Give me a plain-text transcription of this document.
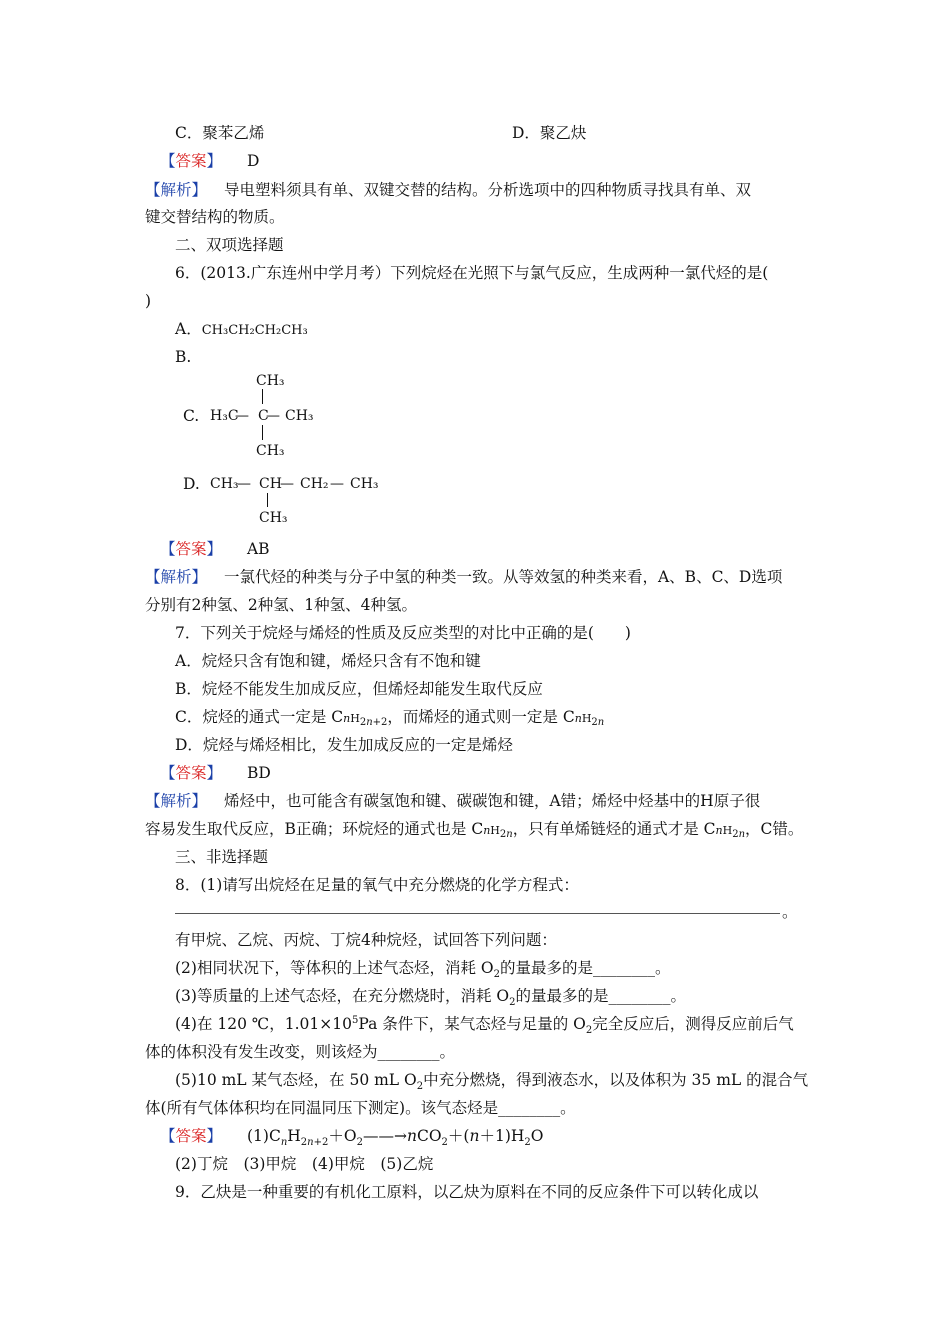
C．聚苯乙烯	D．聚乙炔
【答案】 D
【解析】 导电塑料须具有单、双键交替的结构。分析选项中的四种物质寻找具有单、双
键交替结构的物质。
二、双项选择题
6．(2013.广东连州中学月考）下列烷烃在光照下与氯气反应，生成两种一氯代烃的是(
)
A．CH₃CH₂CH₂CH₃
B.
C.
CH₃
H₃C
— C
— CH₃
CH₃
D. CH₃
— CH
— CH₂ — CH₃
CH₃
【答案】 AB
【解析】 一氯代烃的种类与分子中氢的种类一致。从等效氢的种类来看，A、B、C、D选项
分别有2种氢、2种氢、1种氢、4种氢。
7．下列关于烷烃与烯烃的性质及反应类型的对比中正确的是(　　)
A．烷烃只含有饱和键，烯烃只含有不饱和键
B．烷烃不能发生加成反应，但烯烃却能发生取代反应
C．烷烃的通式一定是 CnH$_{2n+2}$，而烯烃的通式则一定是 CnH$_{2n}$
D．烷烃与烯烃相比，发生加成反应的一定是烯烃
【答案】 BD
【解析】 烯烃中，也可能含有碳氢饱和键、碳碳饱和键，A错；烯烃中烃基中的H原子很
容易发生取代反应，B正确；环烷烃的通式也是 CnH$_{2n}$，只有单烯链烃的通式才是 CnH$_{2n}$，C错。
三、非选择题
8．(1)请写出烷烃在足量的氧气中充分燃烧的化学方程式：
。
有甲烷、乙烷、丙烷、丁烷4种烷烃，试回答下列问题：
(2)相同状况下，等体积的上述气态烃，消耗 $O_2$的量最多的是________。
(3)等质量的上述气态烃，在充分燃烧时，消耗 $O_2$的量最多的是________。
(4)在 120 ℃，$1.01\times 10^5Pa$ 条件下，某气态烃与足量的 $O_2$完全反应后，测得反应前后气
体的体积没有发生改变，则该烃为________。
(5)10 mL 某气态烃，在 50 mL $O_2$中充分燃烧，得到液态水，以及体积为 35 mL 的混合气
体(所有气体体积均在同温同压下测定)。该气态烃是________。
【答案】 $(1)C_nH_{2n+2}+O_2——\to nCO_2+(n+1)H_2O$
(2)丁烷　(3)甲烷　(4)甲烷　(5)乙烷
9．乙炔是一种重要的有机化工原料，以乙炔为原料在不同的反应条件下可以转化成以
